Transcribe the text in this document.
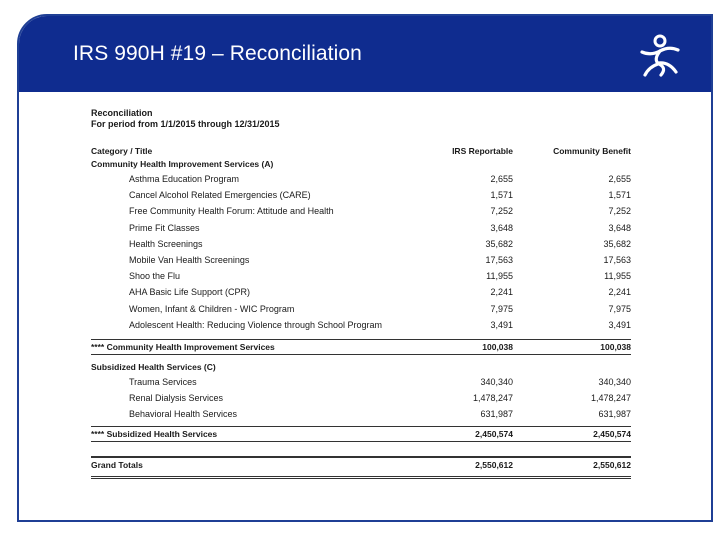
IRS 990H #19 – Reconciliation
Reconciliation
For period from 1/1/2015 through 12/31/2015
Category / Title	IRS Reportable	Community Benefit
Community Health Improvement Services (A)
Asthma Education Program	2,655	2,655
Cancel Alcohol Related Emergencies (CARE)	1,571	1,571
Free Community Health Forum: Attitude and Health	7,252	7,252
Prime Fit Classes	3,648	3,648
Health Screenings	35,682	35,682
Mobile Van Health Screenings	17,563	17,563
Shoo the Flu	11,955	11,955
AHA Basic Life Support (CPR)	2,241	2,241
Women, Infant & Children - WIC Program	7,975	7,975
Adolescent Health: Reducing Violence through School Program	3,491	3,491
**** Community Health Improvement Services	100,038	100,038
Subsidized Health Services (C)
Trauma Services	340,340	340,340
Renal Dialysis Services	1,478,247	1,478,247
Behavioral Health Services	631,987	631,987
**** Subsidized Health Services	2,450,574	2,450,574
Grand Totals	2,550,612	2,550,612
